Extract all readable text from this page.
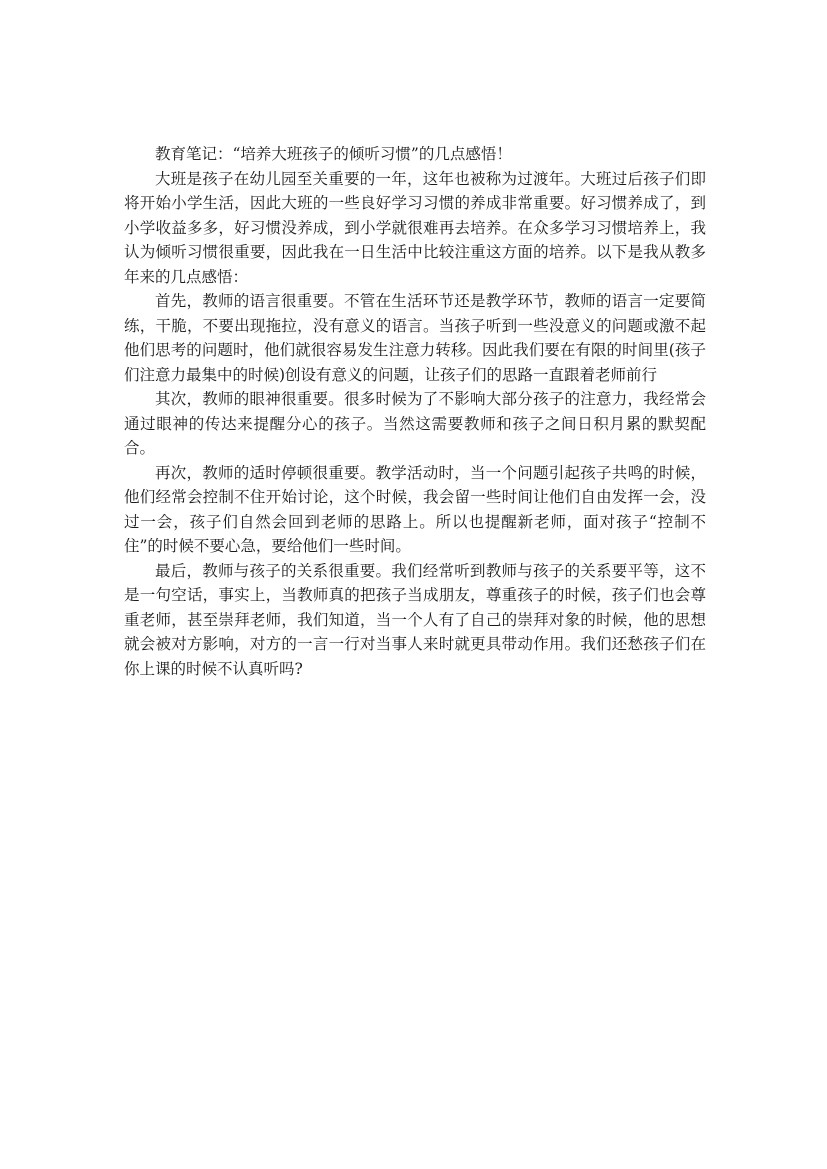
教育笔记：“培养大班孩子的倾听习惯”的几点感悟！

大班是孩子在幼儿园至关重要的一年，这年也被称为过渡年。大班过后孩子们即将开始小学生活，因此大班的一些良好学习习惯的养成非常重要。好习惯养成了，到小学收益多多，好习惯没养成，到小学就很难再去培养。在众多学习习惯培养上，我认为倾听习惯很重要，因此我在一日生活中比较注重这方面的培养。以下是我从教多年来的几点感悟：

首先，教师的语言很重要。不管在生活环节还是教学环节，教师的语言一定要简练，干脆，不要出现拖拉，没有意义的语言。当孩子听到一些没意义的问题或激不起他们思考的问题时，他们就很容易发生注意力转移。因此我们要在有限的时间里(孩子们注意力最集中的时候)创设有意义的问题，让孩子们的思路一直跟着老师前行

其次，教师的眼神很重要。很多时候为了不影响大部分孩子的注意力，我经常会通过眼神的传达来提醒分心的孩子。当然这需要教师和孩子之间日积月累的默契配合。

再次，教师的适时停顿很重要。教学活动时，当一个问题引起孩子共鸣的时候，他们经常会控制不住开始讨论，这个时候，我会留一些时间让他们自由发挥一会，没过一会，孩子们自然会回到老师的思路上。所以也提醒新老师，面对孩子“控制不住”的时候不要心急，要给他们一些时间。

最后，教师与孩子的关系很重要。我们经常听到教师与孩子的关系要平等，这不是一句空话，事实上，当教师真的把孩子当成朋友，尊重孩子的时候，孩子们也会尊重老师，甚至崇拜老师，我们知道，当一个人有了自己的崇拜对象的时候，他的思想就会被对方影响，对方的一言一行对当事人来时就更具带动作用。我们还愁孩子们在你上课的时候不认真听吗?
